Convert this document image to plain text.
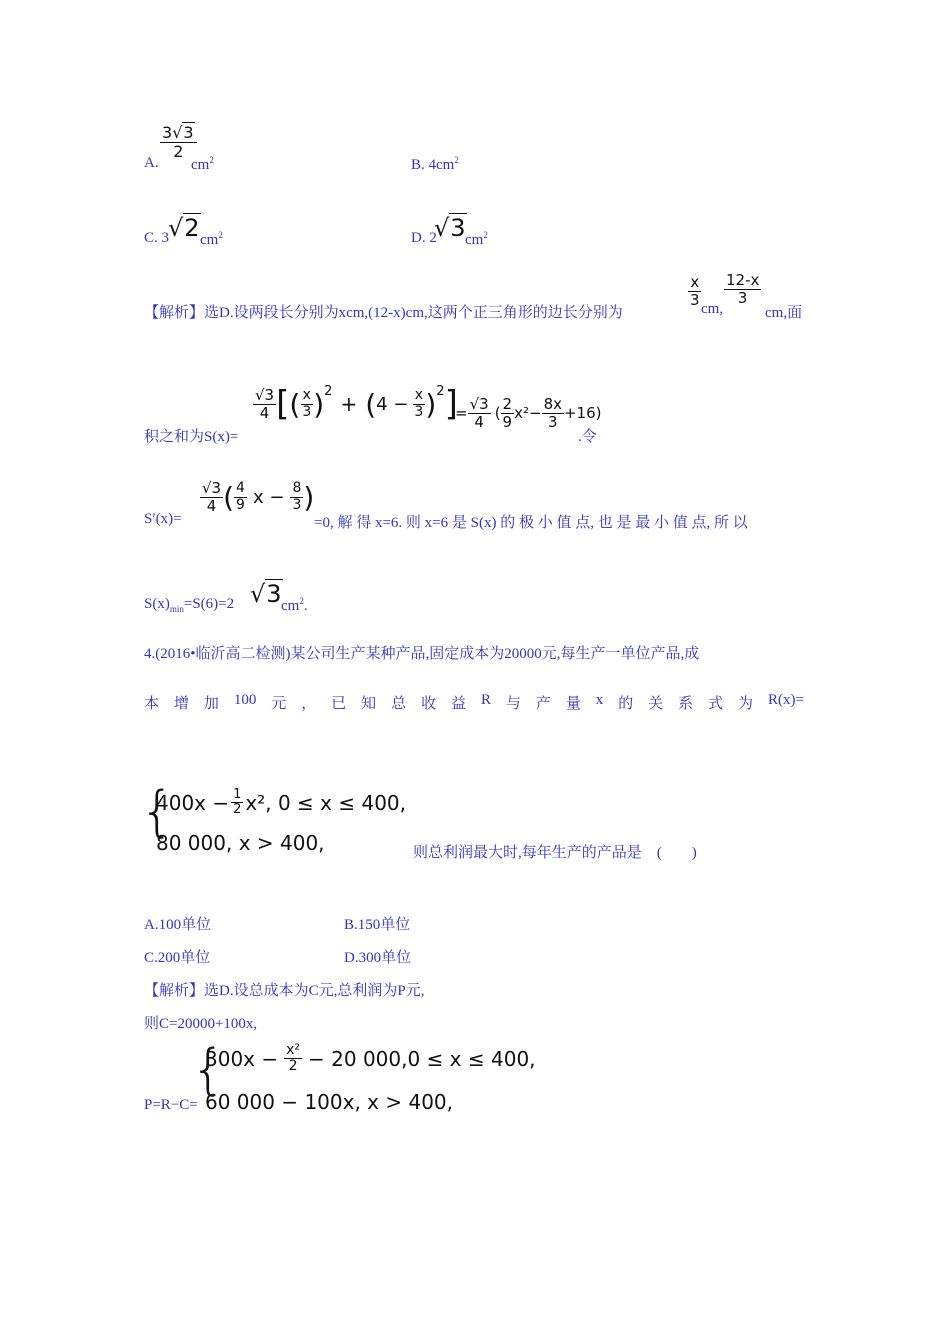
A.
$\frac{3√3}{2}$
$cm^2$	B. $4cm^2$
C. 3
√2 $cm^2$	D. 2
√3 $cm^2$
【解析】选D.设两段长分别为xcm,(12-x)cm,这两个正三角形的边长分别为
$\frac{x}{3}$
cm,
$\frac{12-x}{3}$
cm,面
积之和为S(x)=
$\frac{√3}{4}$ [ ( $\frac{x}{3}$ ) 2
+ ( $4 - \frac{x}{3}$ ) 2 ]
= $\frac{√3}{4}$ ( $\frac{2}{9} x^2- \frac{8x}{3} +16$)
.令
S′(x)=
$\frac{√3}{4}$ ( $\frac{4}{9}$ $x - \frac{8}{3}$ )
=0, 解 得 x=6. 则 x=6 是 S(x) 的 极 小 值 点, 也 是 最 小 值 点, 所 以
$S(x)_{min}=S(6)=2$ √3 $cm^2$.
4.(2016•临沂高二检测)某公司生产某种产品,固定成本为20000元,每生产一单位产品,成
本 增 加 100 元 ， 已 知 总 收 益 R 与 产 量 x 的 关 系 式 为 R(x)=
{
$400x - \frac{1}{2} x^2$, 0 ≤ x ≤ 400,
80 000, x > 400,	则总利润最大时,每年生产的产品是　(　　)
A.100单位	B.150单位
C.200单位	D.300单位
【解析】选D.设总成本为C元,总利润为P元,
则C=20000+100x,
P=R−C=
{
$300x - \frac{\text{x²}}{2} - 20$ 000,0 ≤ x ≤ 400,
60 000 − 100x, x > 400,
